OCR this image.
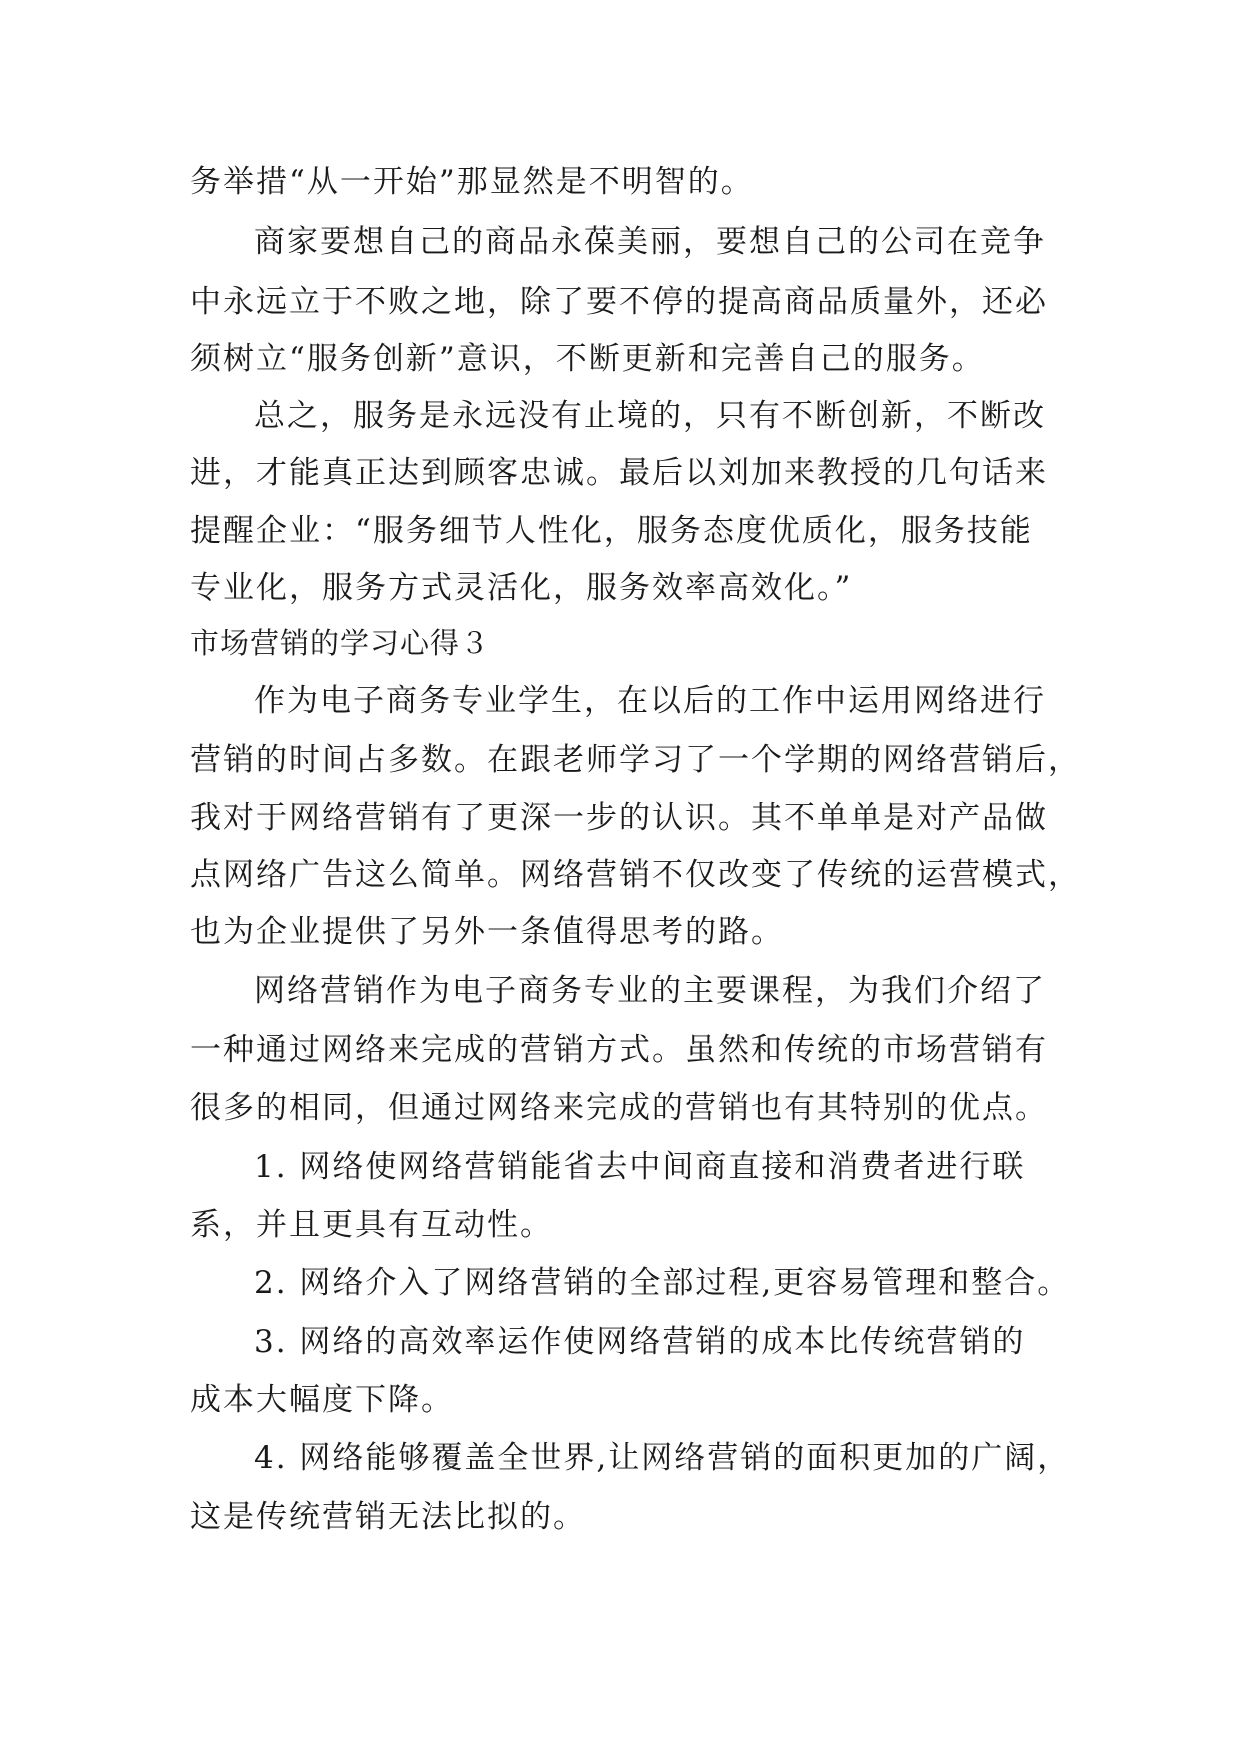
务举措“从一开始”那显然是不明智的。
商家要想自己的商品永葆美丽，要想自己的公司在竞争
中永远立于不败之地，除了要不停的提高商品质量外，还必
须树立“服务创新”意识，不断更新和完善自己的服务。
总之，服务是永远没有止境的，只有不断创新，不断改
进，才能真正达到顾客忠诚。最后以刘加来教授的几句话来
提醒企业：“服务细节人性化，服务态度优质化，服务技能
专业化，服务方式灵活化，服务效率高效化。”
市场营销的学习心得３
作为电子商务专业学生，在以后的工作中运用网络进行
营销的时间占多数。在跟老师学习了一个学期的网络营销后，
我对于网络营销有了更深一步的认识。其不单单是对产品做
点网络广告这么简单。网络营销不仅改变了传统的运营模式，
也为企业提供了另外一条值得思考的路。
网络营销作为电子商务专业的主要课程，为我们介绍了
一种通过网络来完成的营销方式。虽然和传统的市场营销有
很多的相同，但通过网络来完成的营销也有其特别的优点。
1. 网络使网络营销能省去中间商直接和消费者进行联
系，并且更具有互动性。
2. 网络介入了网络营销的全部过程,更容易管理和整合。
3. 网络的高效率运作使网络营销的成本比传统营销的
成本大幅度下降。
4. 网络能够覆盖全世界,让网络营销的面积更加的广阔，
这是传统营销无法比拟的。
